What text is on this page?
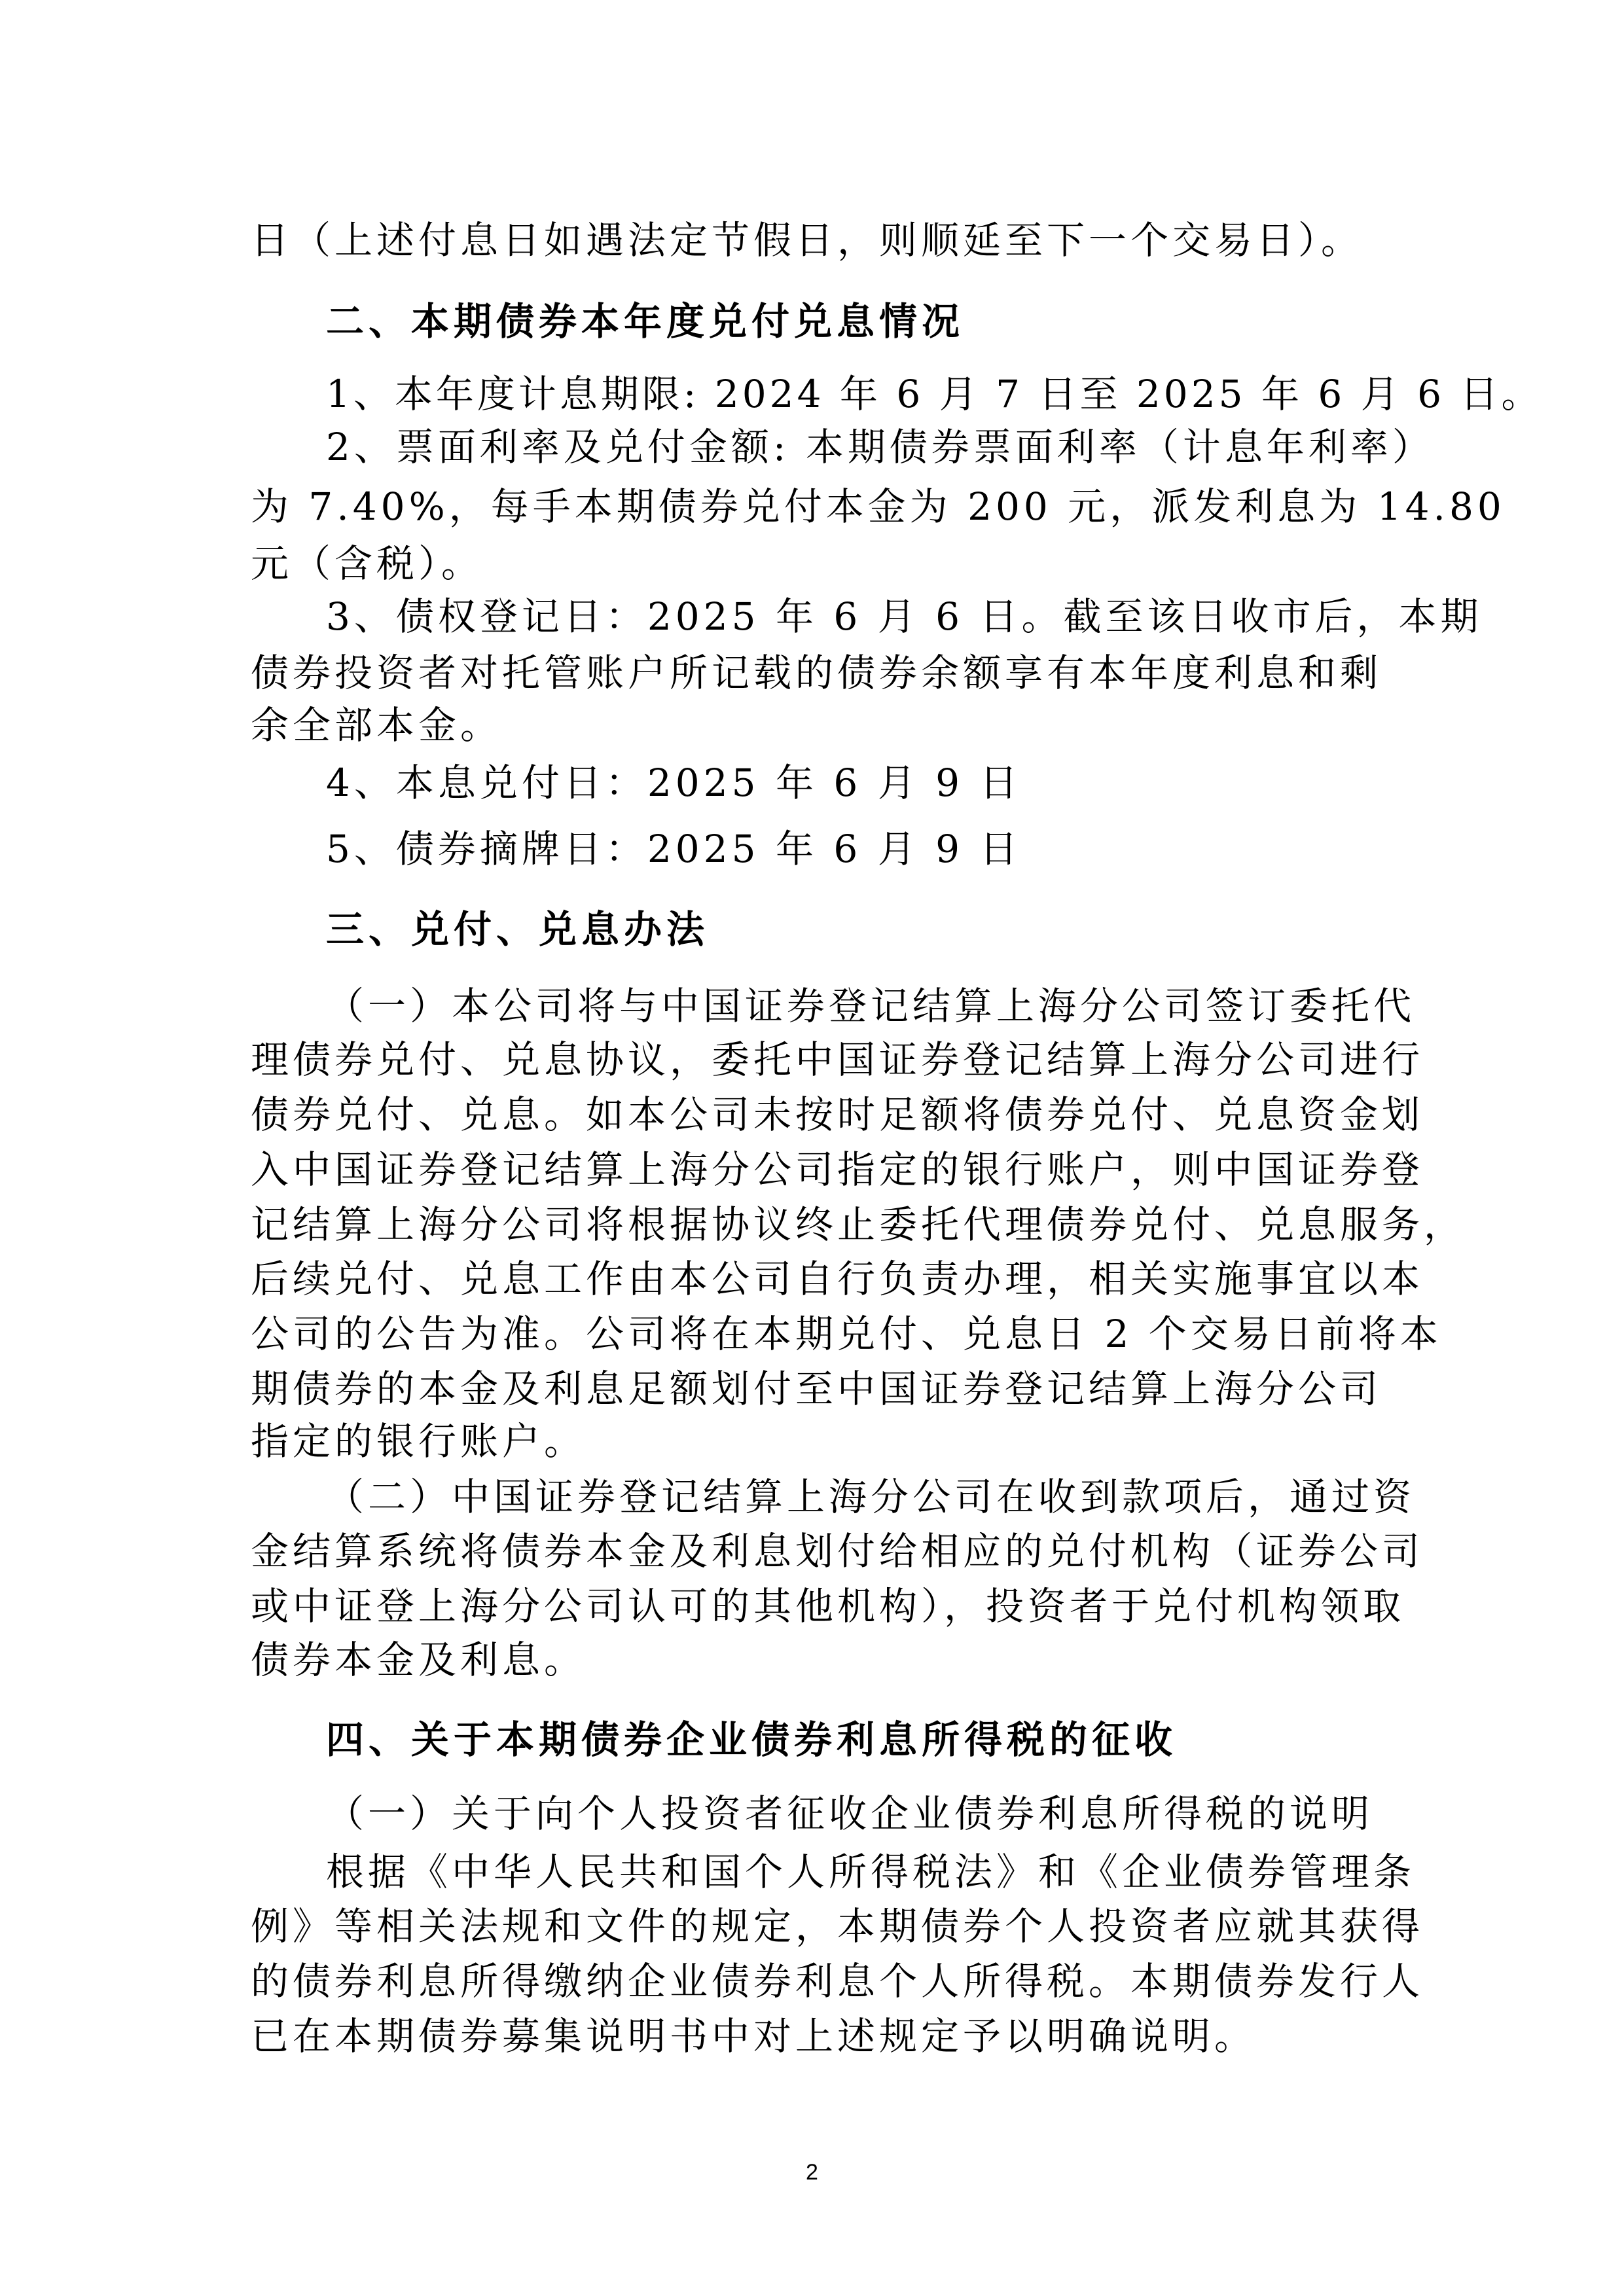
日（上述付息日如遇法定节假日，则顺延至下一个交易日）。
二、本期债券本年度兑付兑息情况
1、本年度计息期限: 2024 年 6 月 7 日至 2025 年 6 月 6 日。
2、票面利率及兑付金额: 本期债券票面利率（计息年利率）
为 7.40%，每手本期债券兑付本金为 200 元，派发利息为 14.80
元（含税）。
3、债权登记日：2025 年 6 月 6 日。截至该日收市后，本期
债券投资者对托管账户所记载的债券余额享有本年度利息和剩
余全部本金。
4、本息兑付日：2025 年 6 月 9 日
5、债券摘牌日：2025 年 6 月 9 日
三、兑付、兑息办法
（一）本公司将与中国证券登记结算上海分公司签订委托代
理债券兑付、兑息协议，委托中国证券登记结算上海分公司进行
债券兑付、兑息。如本公司未按时足额将债券兑付、兑息资金划
入中国证券登记结算上海分公司指定的银行账户，则中国证券登
记结算上海分公司将根据协议终止委托代理债券兑付、兑息服务，
后续兑付、兑息工作由本公司自行负责办理，相关实施事宜以本
公司的公告为准。公司将在本期兑付、兑息日 2 个交易日前将本
期债券的本金及利息足额划付至中国证券登记结算上海分公司
指定的银行账户。
（二）中国证券登记结算上海分公司在收到款项后，通过资
金结算系统将债券本金及利息划付给相应的兑付机构（证券公司
或中证登上海分公司认可的其他机构），投资者于兑付机构领取
债券本金及利息。
四、关于本期债券企业债券利息所得税的征收
（一）关于向个人投资者征收企业债券利息所得税的说明
根据《中华人民共和国个人所得税法》和《企业债券管理条
例》等相关法规和文件的规定，本期债券个人投资者应就其获得
的债券利息所得缴纳企业债券利息个人所得税。本期债券发行人
已在本期债券募集说明书中对上述规定予以明确说明。
2
